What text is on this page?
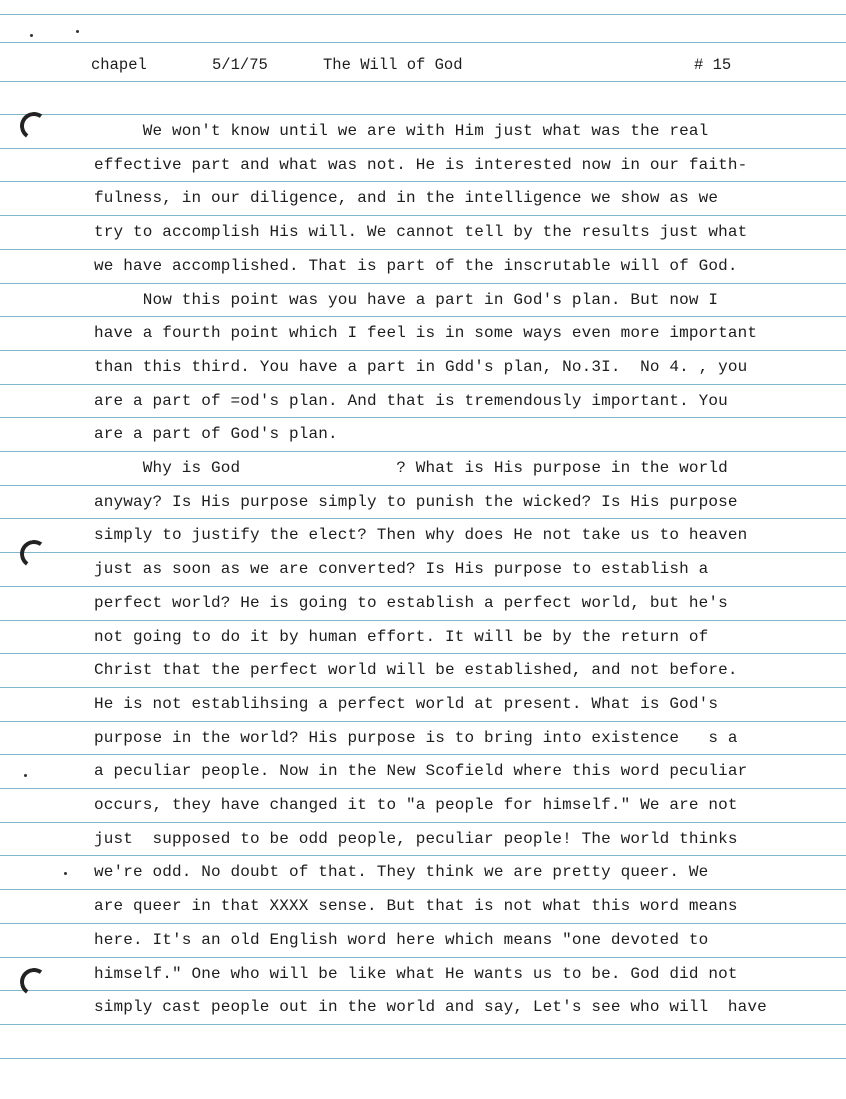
chapel	5/1/75	The Will of God	# 15
We won't know until we are with Him just what was the real
effective part and what was not. He is interested now in our faith-
fulness, in our diligence, and in the intelligence we show as we
try to accomplish His will. We cannot tell by the results just what
we have accomplished. That is part of the inscrutable will of God.
Now this point was you have a part in God's plan. But now I
have a fourth point which I feel is in some ways even more important
than this third. You have a part in Gdd's plan, No.3I.  No 4. , you
are a part of =od's plan. And that is tremendously important. You
are a part of God's plan.
Why is God                ? What is His purpose in the world
anyway? Is His purpose simply to punish the wicked? Is His purpose
simply to justify the elect? Then why does He not take us to heaven
just as soon as we are converted? Is His purpose to establish a
perfect world? He is going to establish a perfect world, but he's
not going to do it by human effort. It will be by the return of
Christ that the perfect world will be established, and not before.
He is not establihsing a perfect world at present. What is God's
purpose in the world? His purpose is to bring into existence   s a
a peculiar people. Now in the New Scofield where this word peculiar
occurs, they have changed it to "a people for himself." We are not
just  supposed to be odd people, peculiar people! The world thinks
we're odd. No doubt of that. They think we are pretty queer. We
are queer in that XXXX sense. But that is not what this word means
here. It's an old English word here which means "one devoted to
himself." One who will be like what He wants us to be. God did not
simply cast people out in the world and say, Let's see who will  have
